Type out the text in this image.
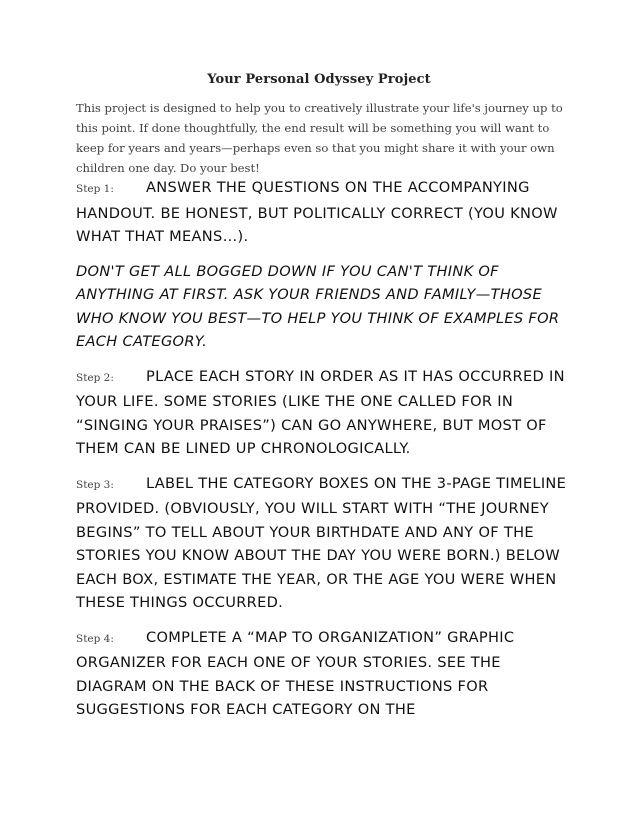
Your Personal Odyssey Project
This project is designed to help you to creatively illustrate your life's journey up to this point. If done thoughtfully, the end result will be something you will want to keep for years and years—perhaps even so that you might share it with your own children one day. Do your best!
Step 1: ANSWER THE QUESTIONS ON THE ACCOMPANYING HANDOUT. BE HONEST, BUT POLITICALLY CORRECT (YOU KNOW WHAT THAT MEANS…).
DON'T GET ALL BOGGED DOWN IF YOU CAN'T THINK OF ANYTHING AT FIRST. ASK YOUR FRIENDS AND FAMILY—THOSE WHO KNOW YOU BEST—TO HELP YOU THINK OF EXAMPLES FOR EACH CATEGORY.
Step 2: PLACE EACH STORY IN ORDER AS IT HAS OCCURRED IN YOUR LIFE. SOME STORIES (LIKE THE ONE CALLED FOR IN “SINGING YOUR PRAISES”) CAN GO ANYWHERE, BUT MOST OF THEM CAN BE LINED UP CHRONOLOGICALLY.
Step 3: LABEL THE CATEGORY BOXES ON THE 3-PAGE TIMELINE PROVIDED. (OBVIOUSLY, YOU WILL START WITH “THE JOURNEY BEGINS” TO TELL ABOUT YOUR BIRTHDATE AND ANY OF THE STORIES YOU KNOW ABOUT THE DAY YOU WERE BORN.) BELOW EACH BOX, ESTIMATE THE YEAR, OR THE AGE YOU WERE WHEN THESE THINGS OCCURRED.
Step 4: COMPLETE A “MAP TO ORGANIZATION” GRAPHIC ORGANIZER FOR EACH ONE OF YOUR STORIES. SEE THE DIAGRAM ON THE BACK OF THESE INSTRUCTIONS FOR SUGGESTIONS FOR EACH CATEGORY ON THE
